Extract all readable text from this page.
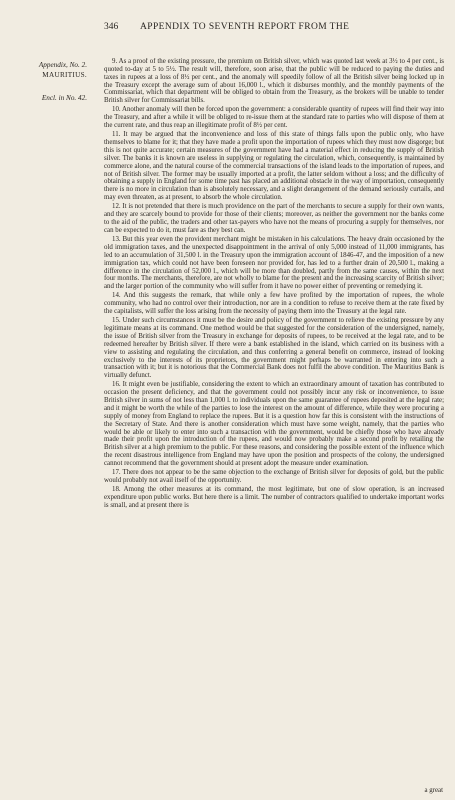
346 APPENDIX TO SEVENTH REPORT FROM THE
Appendix, No. 2.
MAURITIUS.
Encl. in No. 42.

9. As a proof of the existing pressure, the premium on British silver, which was quoted last week at 3½ to 4 per cent., is quoted to-day at 5 to 5½. The result will, therefore, soon arise, that the public will be reduced to paying the duties and taxes in rupees at a loss of 8½ per cent., and the anomaly will speedily follow of all the British silver being locked up in the Treasury except the average sum of about 16,000 l., which it disburses monthly, and the monthly payments of the Commissariat, which that department will be obliged to obtain from the Treasury, as the brokers will be unable to tender British silver for Commissariat bills.

10. Another anomaly will then be forced upon the government: a considerable quantity of rupees will find their way into the Treasury, and after a while it will be obliged to re-issue them at the standard rate to parties who will dispose of them at the current rate, and thus reap an illegitimate profit of 8½ per cent.

11. It may be argued that the inconvenience and loss of this state of things falls upon the public only, who have themselves to blame for it; that they have made a profit upon the importation of rupees which they must now disgorge; but this is not quite accurate; certain measures of the government have had a material effect in reducing the supply of British silver. The banks it is known are useless in supplying or regulating the circulation, which, consequently, is maintained by commerce alone, and the natural course of the commercial transactions of the island leads to the importation of rupees, and not of British silver. The former may be usually imported at a profit, the latter seldom without a loss; and the difficulty of obtaining a supply in England for some time past has placed an additional obstacle in the way of importation, consequently there is no more in circulation than is absolutely necessary, and a slight derangement of the demand seriously curtails, and may even threaten, as at present, to absorb the whole circulation.

12. It is not pretended that there is much providence on the part of the merchants to secure a supply for their own wants, and they are scarcely bound to provide for those of their clients; moreover, as neither the government nor the banks come to the aid of the public, the traders and other tax-payers who have not the means of procuring a supply for themselves, nor can be expected to do it, must fare as they best can.

13. But this year even the provident merchant might be mistaken in his calculations. The heavy drain occasioned by the old immigration taxes, and the unexpected disappointment in the arrival of only 5,000 instead of 11,000 immigrants, has led to an accumulation of 31,500 l. in the Treasury upon the immigration account of 1846-47, and the imposition of a new immigration tax, which could not have been foreseen nor provided for, has led to a further drain of 20,500 l., making a difference in the circulation of 52,000 l., which will be more than doubled, partly from the same causes, within the next four months. The merchants, therefore, are not wholly to blame for the present and the increasing scarcity of British silver; and the larger portion of the community who will suffer from it have no power either of preventing or remedying it.

14. And this suggests the remark, that while only a few have profited by the importation of rupees, the whole community, who had no control over their introduction, nor are in a condition to refuse to receive them at the rate fixed by the capitalists, will suffer the loss arising from the necessity of paying them into the Treasury at the legal rate.

15. Under such circumstances it must be the desire and policy of the government to relieve the existing pressure by any legitimate means at its command. One method would be that suggested for the consideration of the undersigned, namely, the issue of British silver from the Treasury in exchange for deposits of rupees, to be received at the legal rate, and to be redeemed hereafter by British silver. If there were a bank established in the island, which carried on its business with a view to assisting and regulating the circulation, and thus conferring a general benefit on commerce, instead of looking exclusively to the interests of its proprietors, the government might perhaps be warranted in entering into such a transaction with it; but it is notorious that the Commercial Bank does not fulfil the above condition. The Mauritius Bank is virtually defunct.

16. It might even be justifiable, considering the extent to which an extraordinary amount of taxation has contributed to occasion the present deficiency, and that the government could not possibly incur any risk or inconvenience, to issue British silver in sums of not less than 1,000 l. to individuals upon the same guarantee of rupees deposited at the legal rate; and it might be worth the while of the parties to lose the interest on the amount of difference, while they were procuring a supply of money from England to replace the rupees. But it is a question how far this is consistent with the instructions of the Secretary of State. And there is another consideration which must have some weight, namely, that the parties who would be able or likely to enter into such a transaction with the government, would be chiefly those who have already made their profit upon the introduction of the rupees, and would now probably make a second profit by retailing the British silver at a high premium to the public. For these reasons, and considering the possible extent of the influence which the recent disastrous intelligence from England may have upon the position and prospects of the colony, the undersigned cannot recommend that the government should at present adopt the measure under examination.

17. There does not appear to be the same objection to the exchange of British silver for deposits of gold, but the public would probably not avail itself of the opportunity.

18. Among the other measures at its command, the most legitimate, but one of slow operation, is an increased expenditure upon public works. But here there is a limit. The number of contractors qualified to undertake important works is small, and at present there is

a great
